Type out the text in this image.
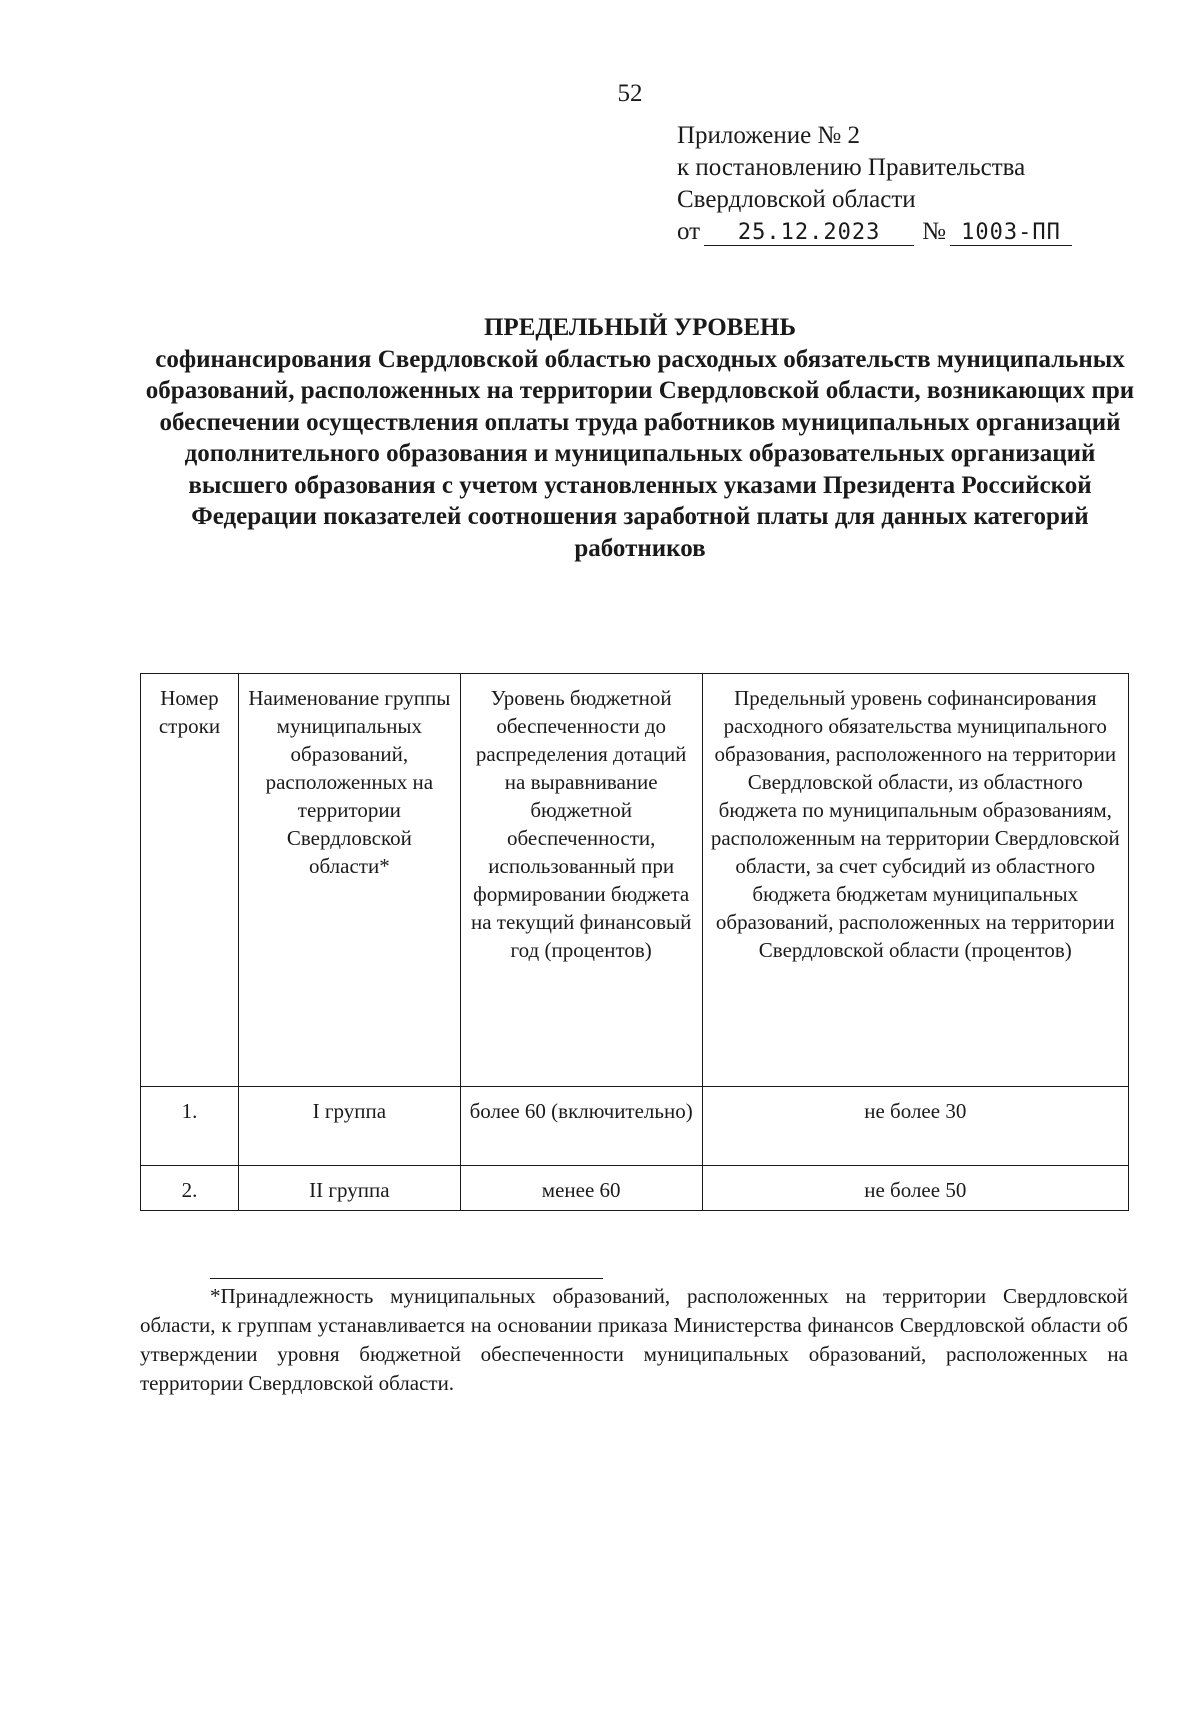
52
Приложение № 2
к постановлению Правительства
Свердловской области
от 25.12.2023 № 1003-ПП
ПРЕДЕЛЬНЫЙ УРОВЕНЬ
софинансирования Свердловской областью расходных обязательств муниципальных образований, расположенных на территории Свердловской области, возникающих при обеспечении осуществления оплаты труда работников муниципальных организаций дополнительного образования и муниципальных образовательных организаций высшего образования с учетом установленных указами Президента Российской Федерации показателей соотношения заработной платы для данных категорий работников
Номер строки	Наименование группы муниципальных образований, расположенных на территории Свердловской области*	Уровень бюджетной обеспеченности до распределения дотаций на выравнивание бюджетной обеспеченности, использованный при формировании бюджета на текущий финансовый год (процентов)	Предельный уровень софинансирования расходного обязательства муниципального образования, расположенного на территории Свердловской области, из областного бюджета по муниципальным образованиям, расположенным на территории Свердловской области, за счет субсидий из областного бюджета бюджетам муниципальных образований, расположенных на территории Свердловской области (процентов)
1.	I группа	более 60 (включительно)	не более 30
2.	II группа	менее 60	не более 50
*Принадлежность муниципальных образований, расположенных на территории Свердловской области, к группам устанавливается на основании приказа Министерства финансов Свердловской области об утверждении уровня бюджетной обеспеченности муниципальных образований, расположенных на территории Свердловской области.
